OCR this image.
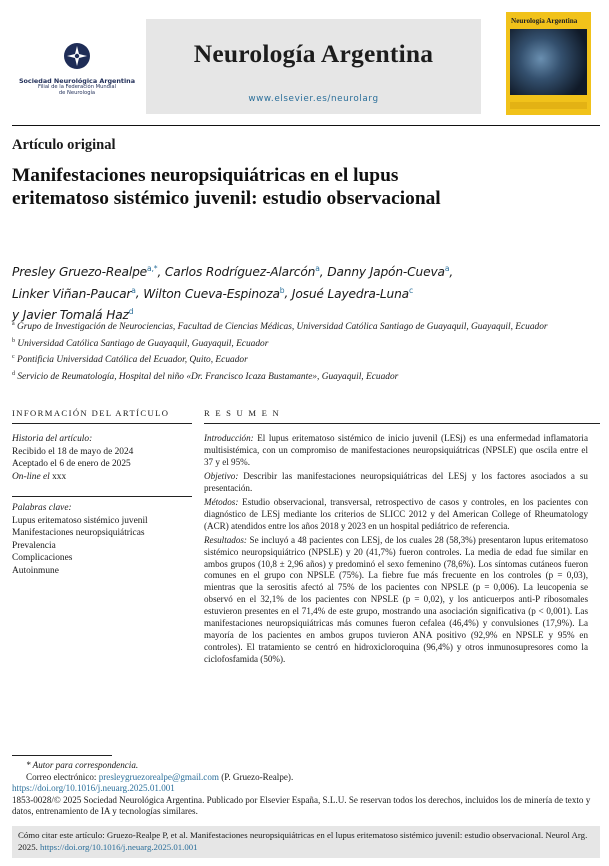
Sociedad Neurológica Argentina
Filial de la Federación Mundial
de Neurología
Neurología Argentina
www.elsevier.es/neurolarg
Neurología Argentina
Artículo original
Manifestaciones neuropsiquiátricas en el lupus eritematoso sistémico juvenil: estudio observacional
Presley Gruezo-Realpe$^{a,*}$, Carlos Rodríguez-Alarcón$^a$, Danny Japón-Cueva$^a$,
Linker Viñan-Paucar$^a$, Wilton Cueva-Espinoza$^b$, Josué Layedra-Luna$^c$
y Javier Tomalá Haz$^d$
$^a$ Grupo de Investigación de Neurociencias, Facultad de Ciencias Médicas, Universidad Católica Santiago de Guayaquil, Guayaquil, Ecuador
$^b$ Universidad Católica Santiago de Guayaquil, Guayaquil, Ecuador
$^c$ Pontificia Universidad Católica del Ecuador, Quito, Ecuador
$^d$ Servicio de Reumatología, Hospital del niño «Dr. Francisco Icaza Bustamante», Guayaquil, Ecuador
INFORMACIÓN DEL ARTÍCULO	RESUMEN
Historia del artículo:
Recibido el 18 de mayo de 2024
Aceptado el 6 de enero de 2025
On-line el xxx
Palabras clave:
Lupus eritematoso sistémico juvenil
Manifestaciones neuropsiquiátricas
Prevalencia
Complicaciones
Autoinmune

Introducción: El lupus eritematoso sistémico de inicio juvenil (LESj) es una enfermedad inflamatoria multisistémica, con un compromiso de manifestaciones neuropsiquiátricas (NPSLE) que oscila entre el 37 y el 95%.

Objetivo: Describir las manifestaciones neuropsiquiátricas del LESj y los factores asociados a su presentación.

Métodos: Estudio observacional, transversal, retrospectivo de casos y controles, en los pacientes con diagnóstico de LESj mediante los criterios de SLICC 2012 y del American College of Rheumatology (ACR) atendidos entre los años 2018 y 2023 en un hospital pediátrico de referencia.

Resultados: Se incluyó a 48 pacientes con LESj, de los cuales 28 (58,3%) presentaron lupus eritematoso sistémico neuropsiquiátrico (NPSLE) y 20 (41,7%) fueron controles. La media de edad fue similar en ambos grupos (10,8 ± 2,96 años) y predominó el sexo femenino (78,6%). Los síntomas cutáneos fueron comunes en el grupo con NPSLE (75%). La fiebre fue más frecuente en los controles (p = 0,03), mientras que la serositis afectó al 75% de los pacientes con NPSLE (p = 0,006). La leucopenia se observó en el 32,1% de los pacientes con NPSLE (p = 0,02), y los anticuerpos anti-P ribosomales estuvieron presentes en el 71,4% de este grupo, mostrando una asociación significativa (p < 0,001). Las manifestaciones neuropsiquiátricas más comunes fueron cefalea (46,4%) y convulsiones (17,9%). La mayoría de los pacientes en ambos grupos tuvieron ANA positivo (92,9% en NPSLE y 95% en controles). El tratamiento se centró en hidroxicloroquina (96,4%) y otros inmunosupresores como la ciclofosfamida (50%).

* Autor para correspondencia.
Correo electrónico: presleygruezorealpe@gmail.com (P. Gruezo-Realpe).
https://doi.org/10.1016/j.neuarg.2025.01.001
1853-0028/© 2025 Sociedad Neurológica Argentina. Publicado por Elsevier España, S.L.U. Se reservan todos los derechos, incluidos los de minería de texto y datos, entrenamiento de IA y tecnologías similares.
Cómo citar este artículo: Gruezo-Realpe P, et al. Manifestaciones neuropsiquiátricas en el lupus eritematoso sistémico juvenil: estudio observacional. Neurol Arg. 2025. https://doi.org/10.1016/j.neuarg.2025.01.001
